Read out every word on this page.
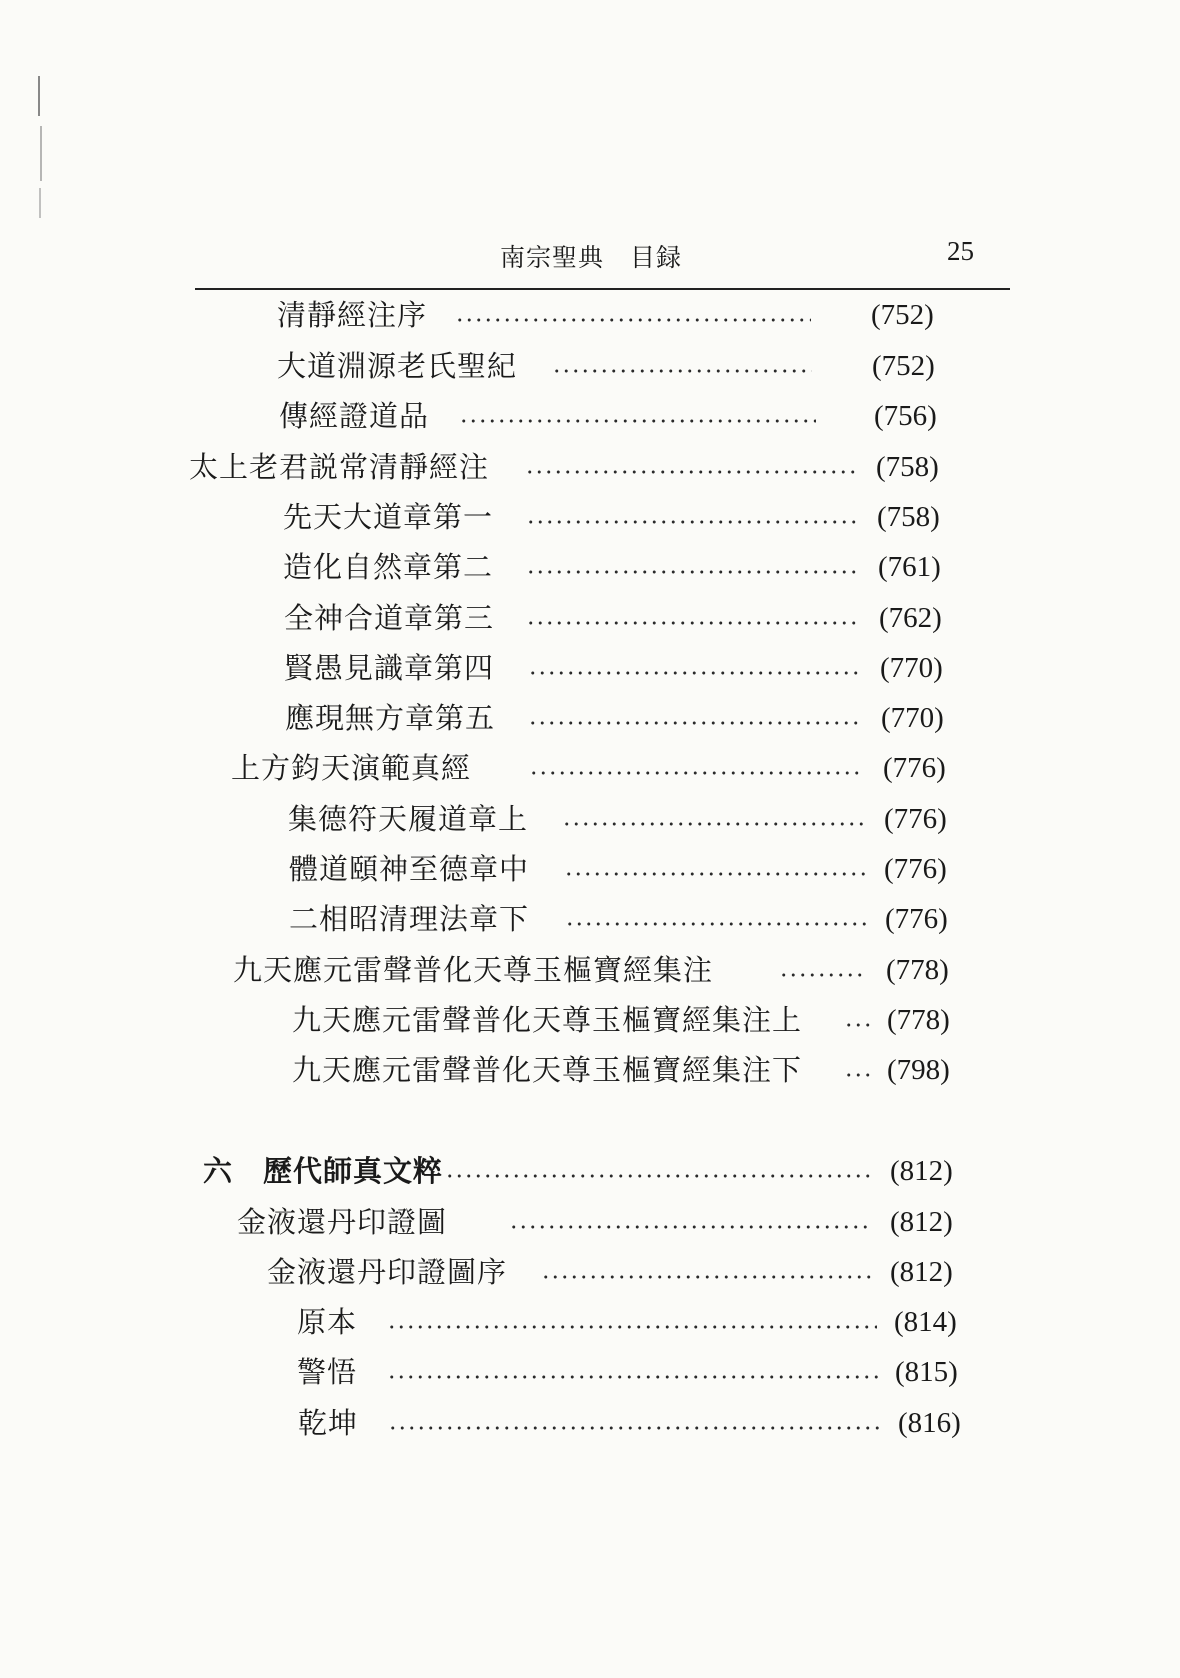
南宗聖典　目録	25
清靜經注序	(752)
大道淵源老氏聖紀	(752)
傳經證道品	(756)
太上老君説常清靜經注	(758)
先天大道章第一	(758)
造化自然章第二	(761)
全神合道章第三	(762)
賢愚見識章第四	(770)
應現無方章第五	(770)
上方鈞天演範真經	(776)
集德符天履道章上	(776)
體道頤神至德章中	(776)
二相昭清理法章下	(776)
九天應元雷聲普化天尊玉樞寶經集注	(778)
九天應元雷聲普化天尊玉樞寶經集注上	(778)
九天應元雷聲普化天尊玉樞寶經集注下	(798)
六　歷代師真文粹	(812)
金液還丹印證圖	(812)
金液還丹印證圖序	(812)
原本	(814)
警悟	(815)
乾坤	(816)
